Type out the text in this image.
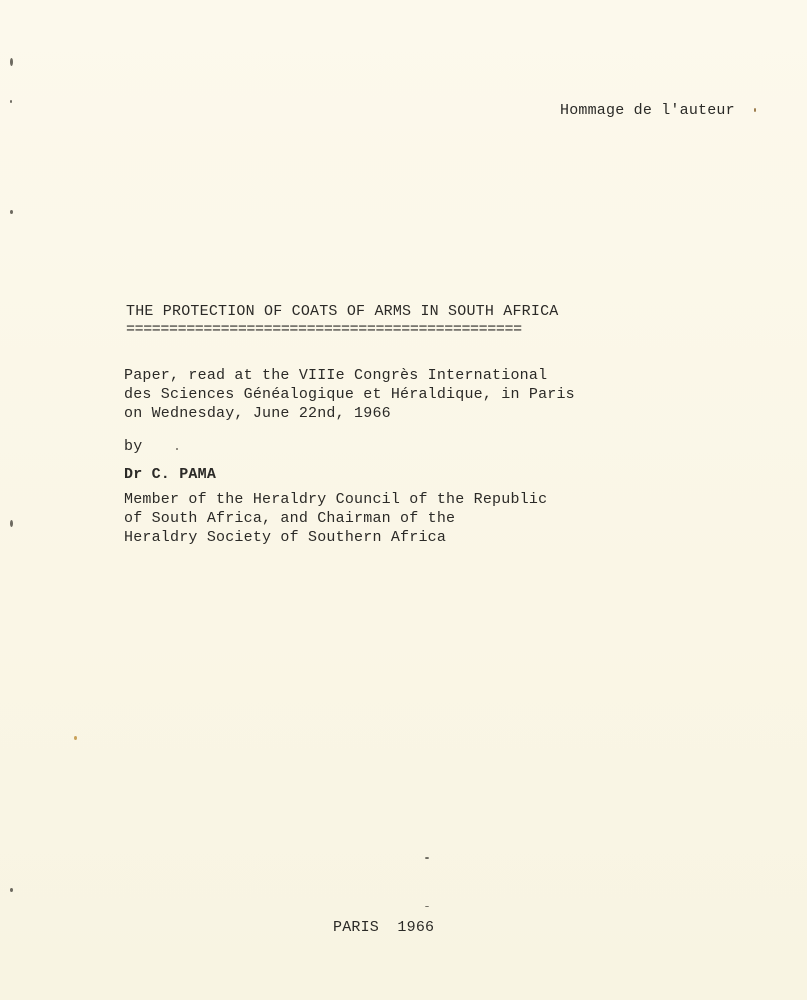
Hommage de l'auteur
THE PROTECTION OF COATS OF ARMS IN SOUTH AFRICA
==============================================
Paper, read at the VIIIe Congrès International
des Sciences Généalogique et Héraldique, in Paris
on Wednesday, June 22nd, 1966
by
Dr C. PAMA
Member of the Heraldry Council of the Republic
of South Africa, and Chairman of the
Heraldry Society of Southern Africa
PARIS  1966
